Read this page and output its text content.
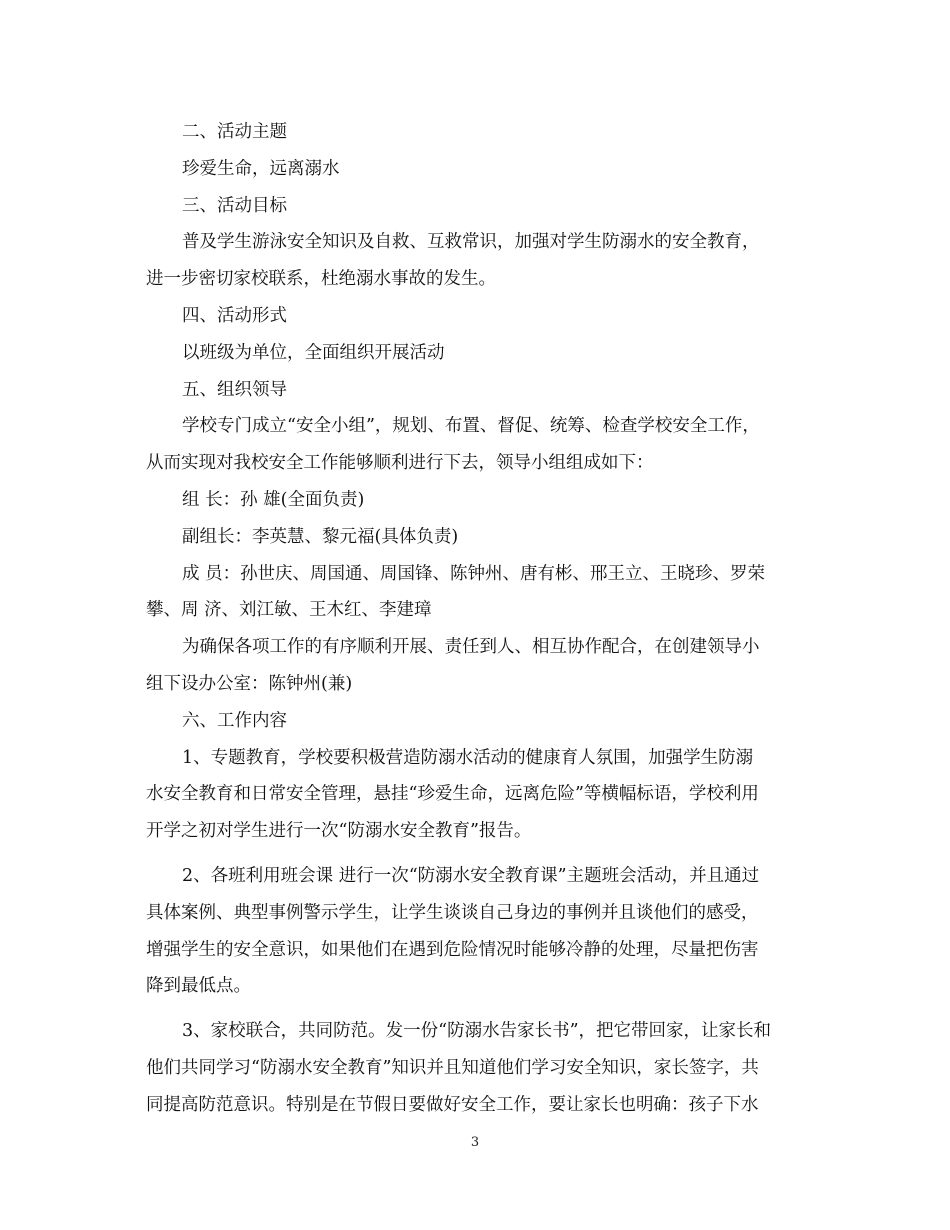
二、活动主题

珍爱生命，远离溺水

三、活动目标

普及学生游泳安全知识及自救、互救常识，加强对学生防溺水的安全教育，

进一步密切家校联系，杜绝溺水事故的发生。

四、活动形式

以班级为单位，全面组织开展活动

五、组织领导

学校专门成立“安全小组”，规划、布置、督促、统筹、检查学校安全工作，

从而实现对我校安全工作能够顺利进行下去，领导小组组成如下：

组 长：孙 雄(全面负责)

副组长：李英慧、黎元福(具体负责)

成 员：孙世庆、周国通、周国锋、陈钟州、唐有彬、邢王立、王晓珍、罗荣

攀、周 济、刘江敏、王木红、李建璋

为确保各项工作的有序顺利开展、责任到人、相互协作配合，在创建领导小

组下设办公室：陈钟州(兼)

六、工作内容

1、专题教育，学校要积极营造防溺水活动的健康育人氛围，加强学生防溺

水安全教育和日常安全管理，悬挂“珍爱生命，远离危险”等横幅标语，学校利用

开学之初对学生进行一次“防溺水安全教育”报告。

2、各班利用班会课 进行一次“防溺水安全教育课”主题班会活动，并且通过

具体案例、典型事例警示学生，让学生谈谈自己身边的事例并且谈他们的感受，

增强学生的安全意识，如果他们在遇到危险情况时能够冷静的处理，尽量把伤害

降到最低点。

3、家校联合，共同防范。发一份“防溺水告家长书”，把它带回家，让家长和

他们共同学习“防溺水安全教育”知识并且知道他们学习安全知识，家长签字，共

同提高防范意识。特别是在节假日要做好安全工作，要让家长也明确：孩子下水

3
